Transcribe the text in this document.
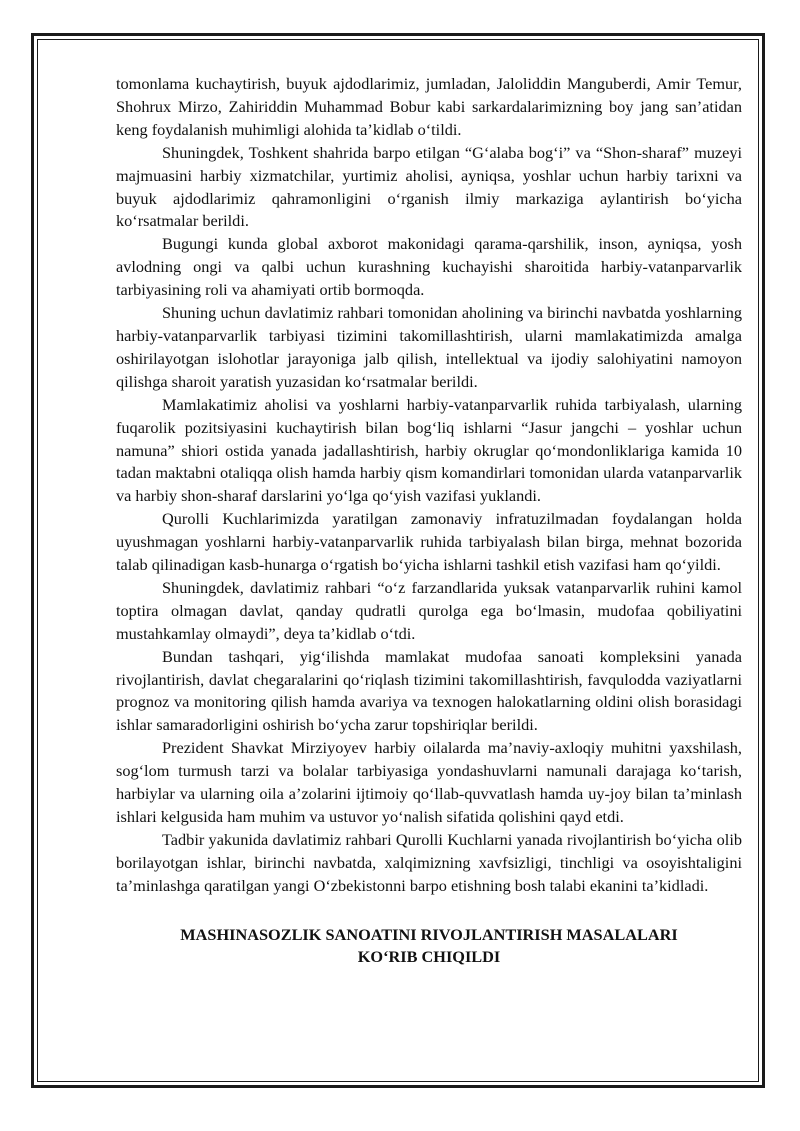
tomonlama kuchaytirish, buyuk ajdodlarimiz, jumladan, Jaloliddin Manguberdi, Amir Temur, Shohrux Mirzo, Zahiriddin Muhammad Bobur kabi sarkardalarimizning boy jang san’atidan keng foydalanish muhimligi alohida ta’kidlab o‘tildi.

Shuningdek, Toshkent shahrida barpo etilgan “G‘alaba bog‘i” va “Shon-sharaf” muzeyi majmuasini harbiy xizmatchilar, yurtimiz aholisi, ayniqsa, yoshlar uchun harbiy tarixni va buyuk ajdodlarimiz qahramonligini o‘rganish ilmiy markaziga aylantirish bo‘yicha ko‘rsatmalar berildi.

Bugungi kunda global axborot makonidagi qarama-qarshilik, inson, ayniqsa, yosh avlodning ongi va qalbi uchun kurashning kuchayishi sharoitida harbiy-vatanparvarlik tarbiyasining roli va ahamiyati ortib bormoqda.

Shuning uchun davlatimiz rahbari tomonidan aholining va birinchi navbatda yoshlarning harbiy-vatanparvarlik tarbiyasi tizimini takomillashtirish, ularni mamlakatimizda amalga oshirilayotgan islohotlar jarayoniga jalb qilish, intellektual va ijodiy salohiyatini namoyon qilishga sharoit yaratish yuzasidan ko‘rsatmalar berildi.

Mamlakatimiz aholisi va yoshlarni harbiy-vatanparvarlik ruhida tarbiyalash, ularning fuqarolik pozitsiyasini kuchaytirish bilan bog‘liq ishlarni “Jasur jangchi – yoshlar uchun namuna” shiori ostida yanada jadallashtirish, harbiy okruglar qo‘mondonliklariga kamida 10 tadan maktabni otaliqqa olish hamda harbiy qism komandirlari tomonidan ularda vatanparvarlik va harbiy shon-sharaf darslarini yo‘lga qo‘yish vazifasi yuklandi.

Qurolli Kuchlarimizda yaratilgan zamonaviy infratuzilmadan foydalangan holda uyushmagan yoshlarni harbiy-vatanparvarlik ruhida tarbiyalash bilan birga, mehnat bozorida talab qilinadigan kasb-hunarga o‘rgatish bo‘yicha ishlarni tashkil etish vazifasi ham qo‘yildi.

Shuningdek, davlatimiz rahbari “o‘z farzandlarida yuksak vatanparvarlik ruhini kamol toptira olmagan davlat, qanday qudratli qurolga ega bo‘lmasin, mudofaa qobiliyatini mustahkamlay olmaydi”, deya ta’kidlab o‘tdi.

Bundan tashqari, yig‘ilishda mamlakat mudofaa sanoati kompleksini yanada rivojlantirish, davlat chegaralarini qo‘riqlash tizimini takomillashtirish, favqulodda vaziyatlarni prognoz va monitoring qilish hamda avariya va texnogen halokatlarning oldini olish borasidagi ishlar samaradorligini oshirish bo‘ycha zarur topshiriqlar berildi.

Prezident Shavkat Mirziyoyev harbiy oilalarda ma’naviy-axloqiy muhitni yaxshilash, sog‘lom turmush tarzi va bolalar tarbiyasiga yondashuvlarni namunali darajaga ko‘tarish, harbiylar va ularning oila a’zolarini ijtimoiy qo‘llab-quvvatlash hamda uy-joy bilan ta’minlash ishlari kelgusida ham muhim va ustuvor yo‘nalish sifatida qolishini qayd etdi.

Tadbir yakunida davlatimiz rahbari Qurolli Kuchlarni yanada rivojlantirish bo‘yicha olib borilayotgan ishlar, birinchi navbatda, xalqimizning xavfsizligi, tinchligi va osoyishtaligini ta’minlashga qaratilgan yangi O‘zbekistonni barpo etishning bosh talabi ekanini ta’kidladi.

MASHINASOZLIK SANOATINI RIVOJLANTIRISH MASALALARI
KO‘RIB CHIQILDI
